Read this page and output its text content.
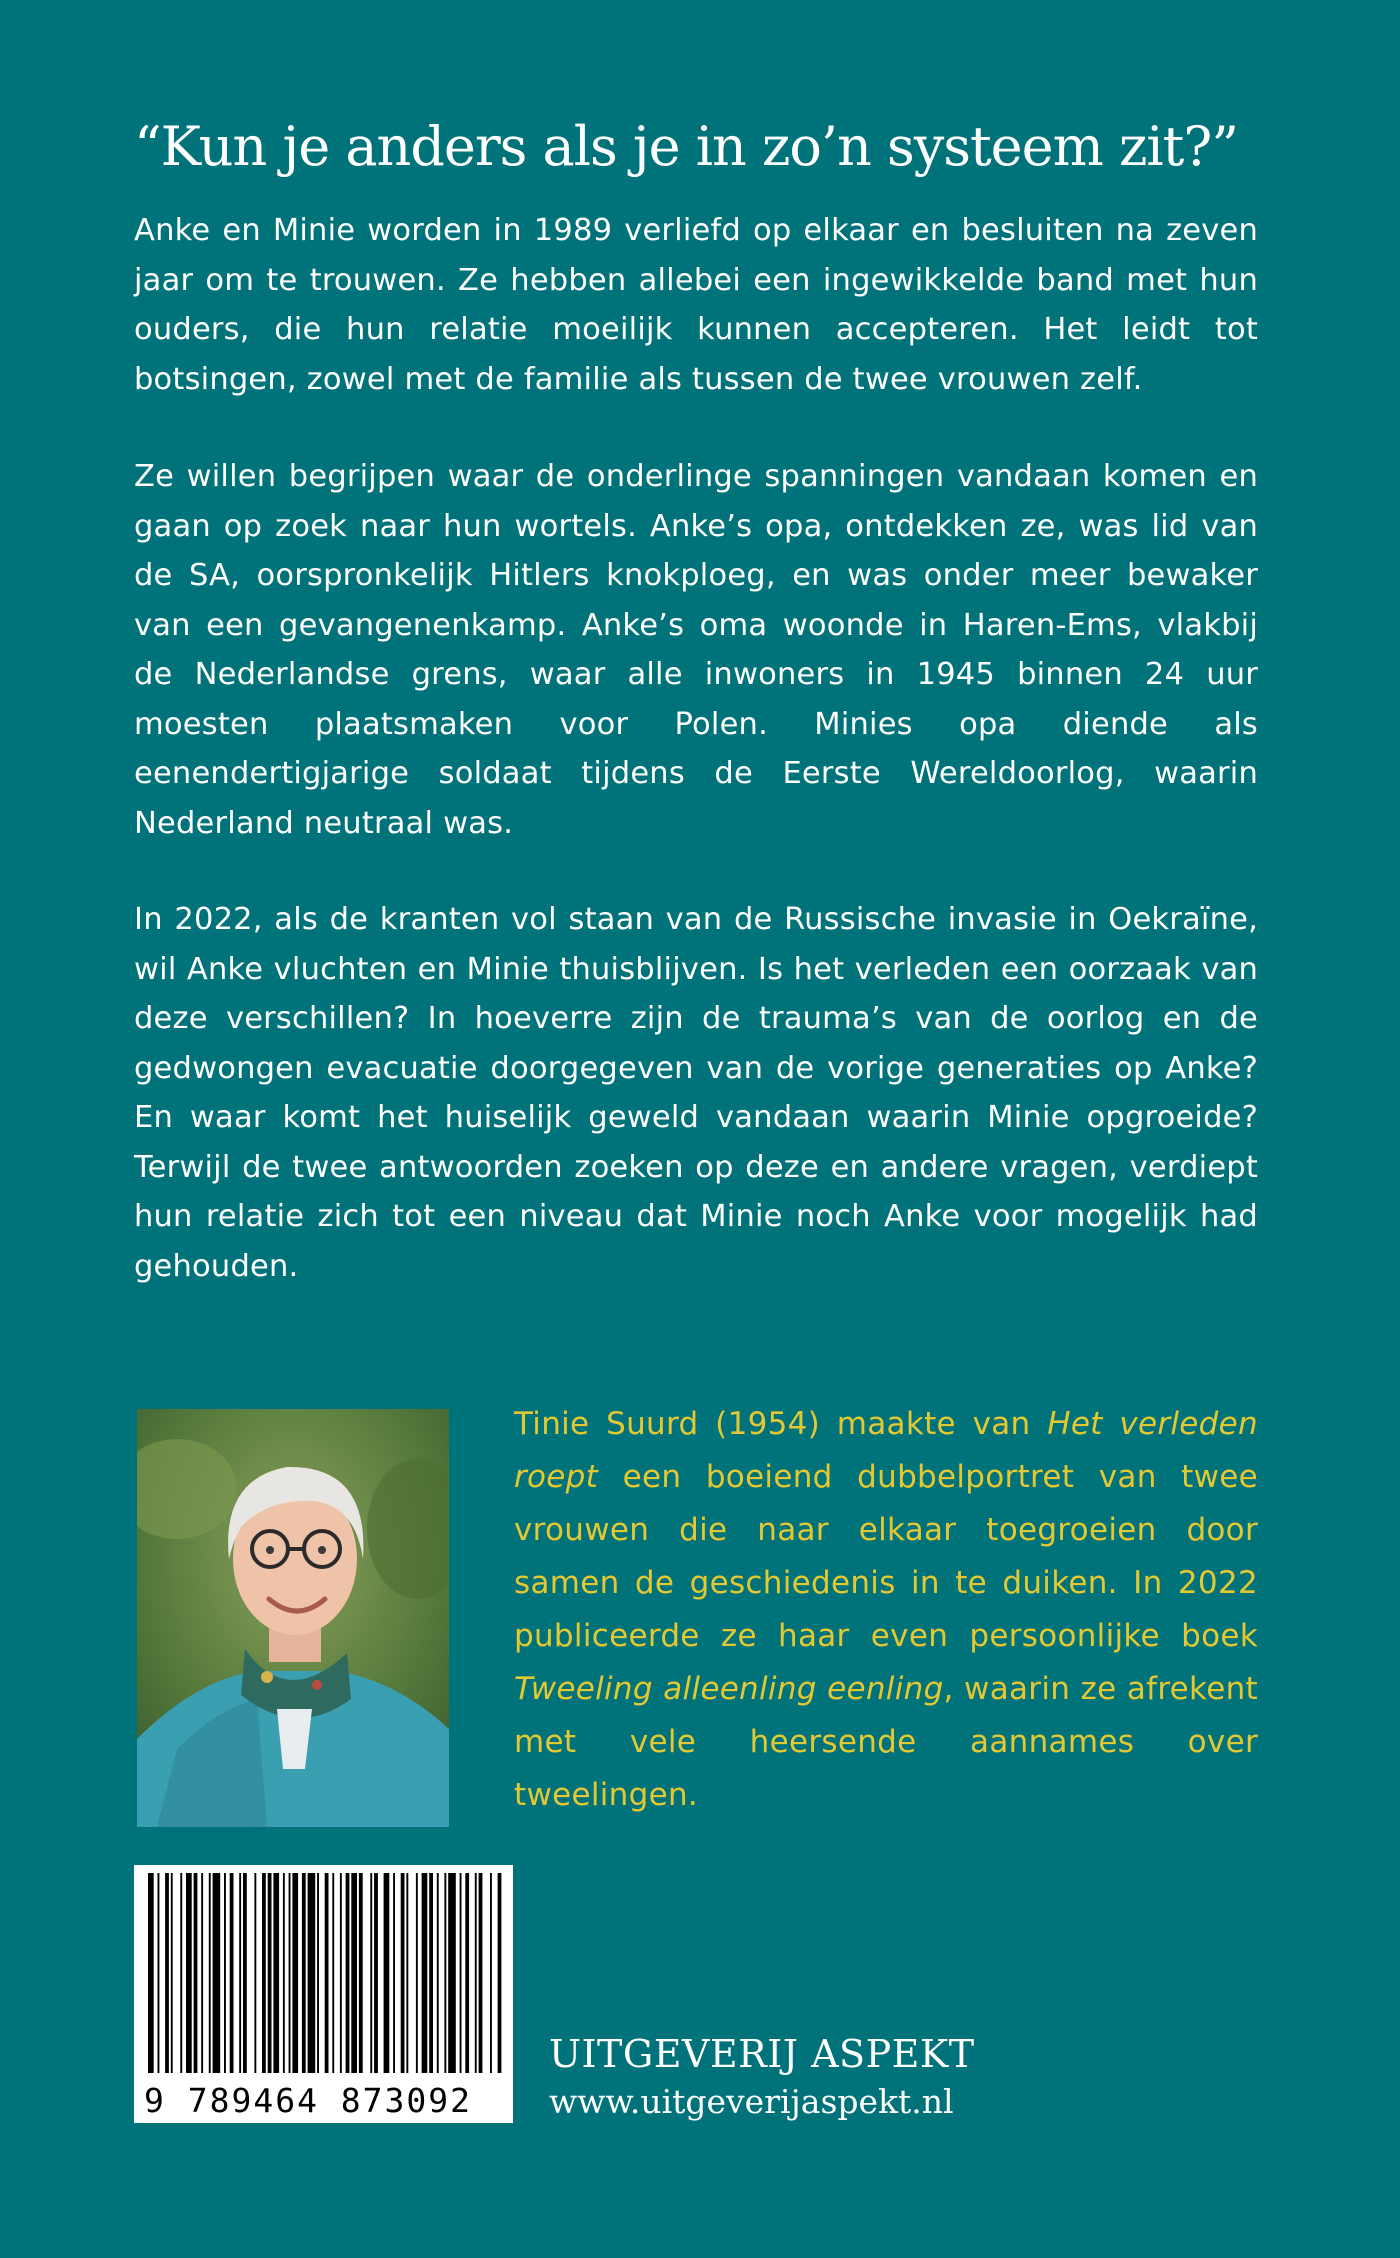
“Kun je anders als je in zo’n systeem zit?”

Anke en Minie worden in 1989 verliefd op elkaar en besluiten na zeven jaar om te trouwen. Ze hebben allebei een ingewikkelde band met hun ouders, die hun relatie moeilijk kunnen accepteren. Het leidt tot botsingen, zowel met de familie als tussen de twee vrouwen zelf.

Ze willen begrijpen waar de onderlinge spanningen vandaan komen en gaan op zoek naar hun wortels. Anke’s opa, ontdekken ze, was lid van de SA, oorspronkelijk Hitlers knokploeg, en was onder meer bewaker van een gevangenenkamp. Anke’s oma woonde in Haren-Ems, vlakbij de Nederlandse grens, waar alle inwoners in 1945 binnen 24 uur moesten plaatsmaken voor Polen. Minies opa diende als eenendertigjarige soldaat tijdens de Eerste Wereldoorlog, waarin Nederland neutraal was.

In 2022, als de kranten vol staan van de Russische invasie in Oekraïne, wil Anke vluchten en Minie thuisblijven. Is het verleden een oorzaak van deze verschillen? In hoeverre zijn de trauma’s van de oorlog en de gedwongen evacuatie doorgegeven van de vorige generaties op Anke? En waar komt het huiselijk geweld vandaan waarin Minie opgroeide? Terwijl de twee antwoorden zoeken op deze en andere vragen, verdiept hun relatie zich tot een niveau dat Minie noch Anke voor mogelijk had gehouden.

Tinie Suurd (1954) maakte van Het verleden roept een boeiend dubbelportret van twee vrouwen die naar elkaar toegroeien door samen de geschiedenis in te duiken. In 2022 publiceerde ze haar even persoonlijke boek Tweeling alleenling eenling, waarin ze afrekent met vele heersende aannames over tweelingen.

9 789464 873092
UITGEVERIJ ASPEKT
www.uitgeverijaspekt.nl
